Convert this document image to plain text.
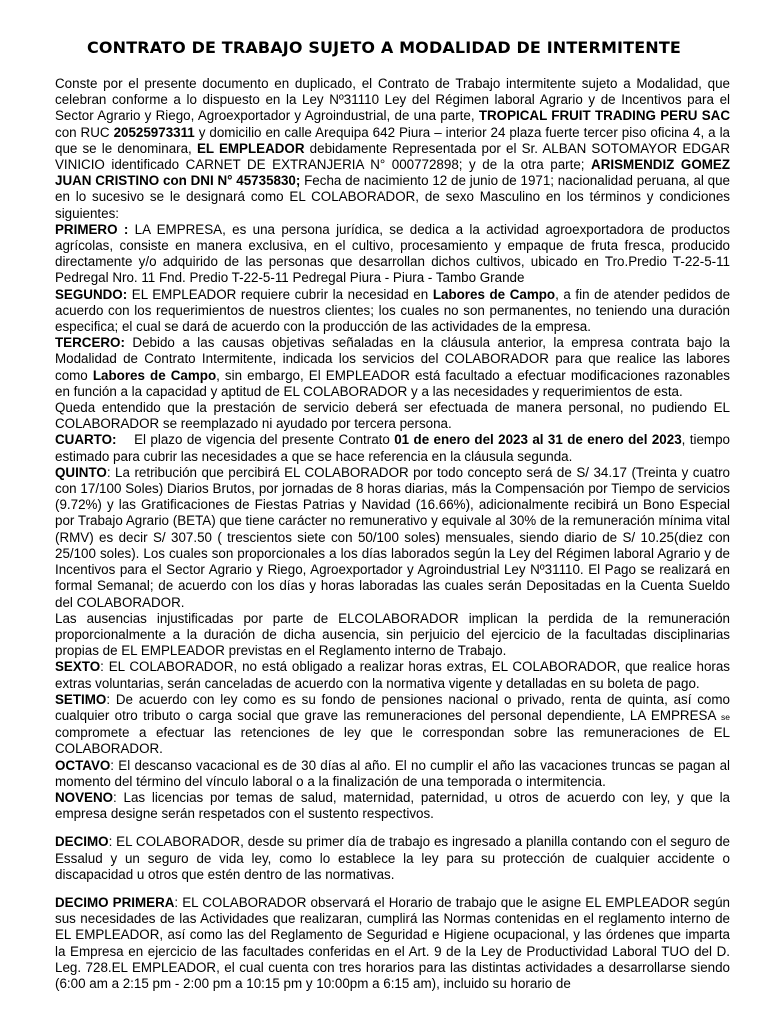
CONTRATO DE TRABAJO SUJETO A MODALIDAD DE INTERMITENTE

Conste por el presente documento en duplicado, el Contrato de Trabajo intermitente sujeto a Modalidad, que celebran conforme a lo dispuesto en la Ley Nº31110 Ley del Régimen laboral Agrario y de Incentivos para el Sector Agrario y Riego, Agroexportador y Agroindustrial, de una parte, TROPICAL FRUIT TRADING PERU SAC con RUC 20525973311 y domicilio en calle Arequipa 642 Piura – interior 24 plaza fuerte tercer piso oficina 4, a la que se le denominara, EL EMPLEADOR debidamente Representada por el Sr. ALBAN SOTOMAYOR EDGAR VINICIO identificado CARNET DE EXTRANJERIA N° 000772898; y de la otra parte; ARISMENDIZ GOMEZ JUAN CRISTINO con DNI N° 45735830; Fecha de nacimiento 12 de junio de 1971; nacionalidad peruana, al que en lo sucesivo se le designará como EL COLABORADOR, de sexo Masculino en los términos y condiciones siguientes:

PRIMERO : LA EMPRESA, es una persona jurídica, se dedica a la actividad agroexportadora de productos agrícolas, consiste en manera exclusiva, en el cultivo, procesamiento y empaque de fruta fresca, producido directamente y/o adquirido de las personas que desarrollan dichos cultivos, ubicado en Tro.Predio T-22-5-11 Pedregal Nro. 11 Fnd. Predio T-22-5-11 Pedregal Piura - Piura - Tambo Grande

SEGUNDO: EL EMPLEADOR requiere cubrir la necesidad en Labores de Campo, a fin de atender pedidos de acuerdo con los requerimientos de nuestros clientes; los cuales no son permanentes, no teniendo una duración especifica; el cual se dará de acuerdo con la producción de las actividades de la empresa.

TERCERO: Debido a las causas objetivas señaladas en la cláusula anterior, la empresa contrata bajo la Modalidad de Contrato Intermitente, indicada los servicios del COLABORADOR para que realice las labores como Labores de Campo, sin embargo, El EMPLEADOR está facultado a efectuar modificaciones razonables en función a la capacidad y aptitud de EL COLABORADOR y a las necesidades y requerimientos de esta.

Queda entendido que la prestación de servicio deberá ser efectuada de manera personal, no pudiendo EL COLABORADOR se reemplazado ni ayudado por tercera persona.

CUARTO: El plazo de vigencia del presente Contrato 01 de enero del 2023 al 31 de enero del 2023, tiempo estimado para cubrir las necesidades a que se hace referencia en la cláusula segunda.

QUINTO: La retribución que percibirá EL COLABORADOR por todo concepto será de S/ 34.17 (Treinta y cuatro con 17/100 Soles) Diarios Brutos, por jornadas de 8 horas diarias, más la Compensación por Tiempo de servicios (9.72%) y las Gratificaciones de Fiestas Patrias y Navidad (16.66%), adicionalmente recibirá un Bono Especial por Trabajo Agrario (BETA) que tiene carácter no remunerativo y equivale al 30% de la remuneración mínima vital (RMV) es decir S/ 307.50 ( trescientos siete con 50/100 soles) mensuales, siendo diario de S/ 10.25(diez con 25/100 soles). Los cuales son proporcionales a los días laborados según la Ley del Régimen laboral Agrario y de Incentivos para el Sector Agrario y Riego, Agroexportador y Agroindustrial Ley Nº31110. El Pago se realizará en formal Semanal; de acuerdo con los días y horas laboradas las cuales serán Depositadas en la Cuenta Sueldo del COLABORADOR.

Las ausencias injustificadas por parte de ELCOLABORADOR implican la perdida de la remuneración proporcionalmente a la duración de dicha ausencia, sin perjuicio del ejercicio de la facultadas disciplinarias propias de EL EMPLEADOR previstas en el Reglamento interno de Trabajo.

SEXTO: EL COLABORADOR, no está obligado a realizar horas extras, EL COLABORADOR, que realice horas extras voluntarias, serán canceladas de acuerdo con la normativa vigente y detalladas en su boleta de pago.

SETIMO: De acuerdo con ley como es su fondo de pensiones nacional o privado, renta de quinta, así como cualquier otro tributo o carga social que grave las remuneraciones del personal dependiente, LA EMPRESA se compromete a efectuar las retenciones de ley que le correspondan sobre las remuneraciones de EL COLABORADOR.

OCTAVO: El descanso vacacional es de 30 días al año. El no cumplir el año las vacaciones truncas se pagan al momento del término del vínculo laboral o a la finalización de una temporada o intermitencia.

NOVENO: Las licencias por temas de salud, maternidad, paternidad, u otros de acuerdo con ley, y que la empresa designe serán respetados con el sustento respectivos.

DECIMO: EL COLABORADOR, desde su primer día de trabajo es ingresado a planilla contando con el seguro de Essalud y un seguro de vida ley, como lo establece la ley para su protección de cualquier accidente o discapacidad u otros que estén dentro de las normativas.

DECIMO PRIMERA: EL COLABORADOR observará el Horario de trabajo que le asigne EL EMPLEADOR según sus necesidades de las Actividades que realizaran, cumplirá las Normas contenidas en el reglamento interno de EL EMPLEADOR, así como las del Reglamento de Seguridad e Higiene ocupacional, y las órdenes que imparta la Empresa en ejercicio de las facultades conferidas en el Art. 9 de la Ley de Productividad Laboral TUO del D. Leg. 728.EL EMPLEADOR, el cual cuenta con tres horarios para las distintas actividades a desarrollarse siendo (6:00 am a 2:15 pm - 2:00 pm a 10:15 pm y 10:00pm a 6:15 am), incluido su horario de
